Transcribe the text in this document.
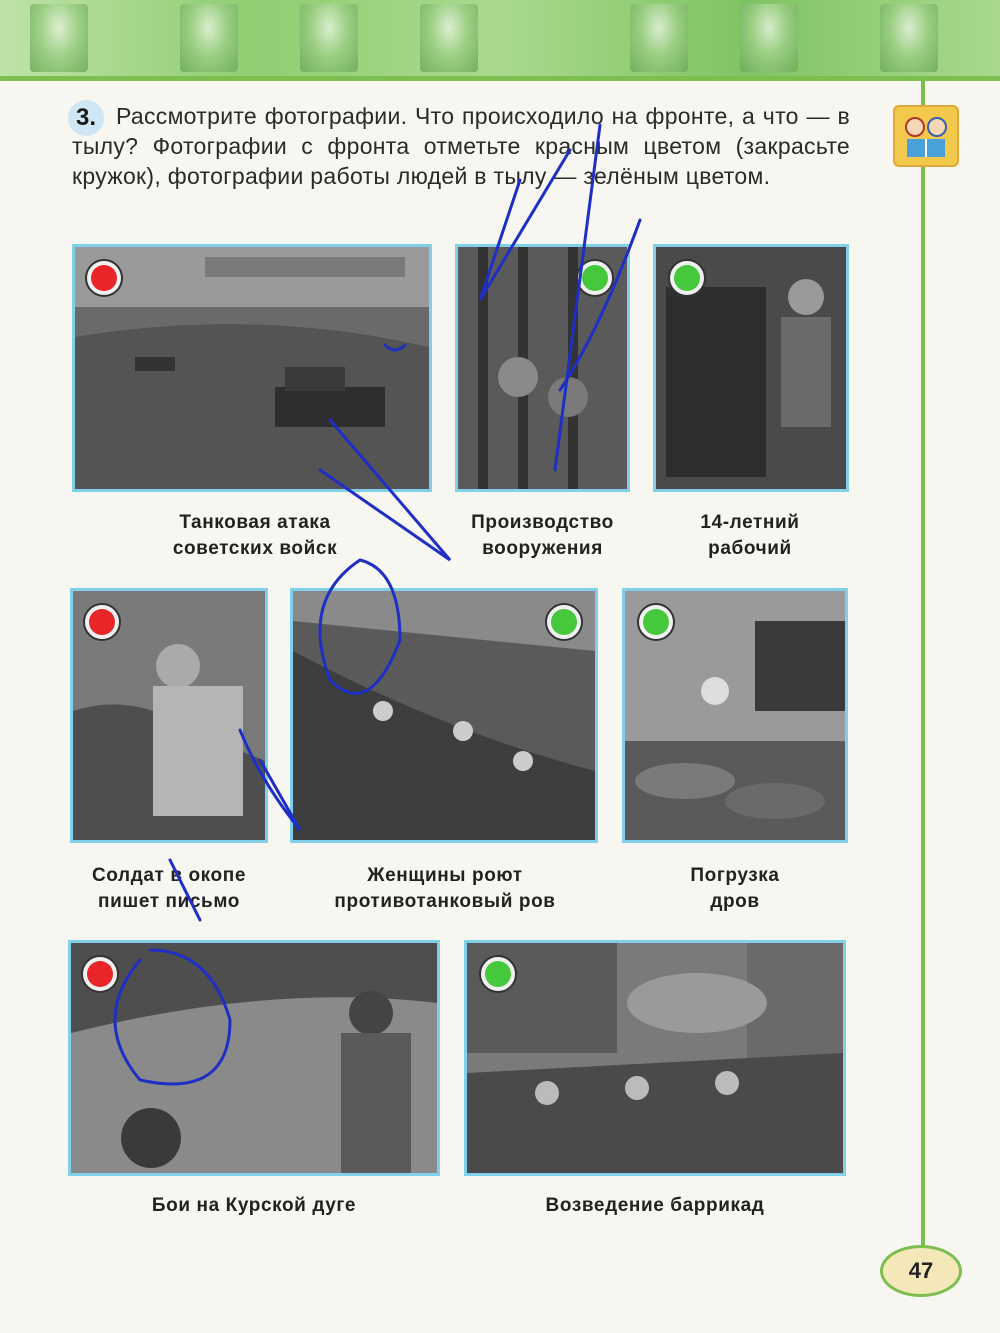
3. Рассмотрите фотографии. Что происходило на фронте, а что — в тылу? Фотографии с фронта отметьте красным цветом (закрасьте кружок), фотографии работы людей в тылу — зелёным цветом.
Танковая атака
советских войск
Производство
вооружения
14-летний
рабочий
Солдат в окопе
пишет письмо
Женщины роют
противотанковый ров
Погрузка
дров
Бои на Курской дуге	Возведение баррикад
47
